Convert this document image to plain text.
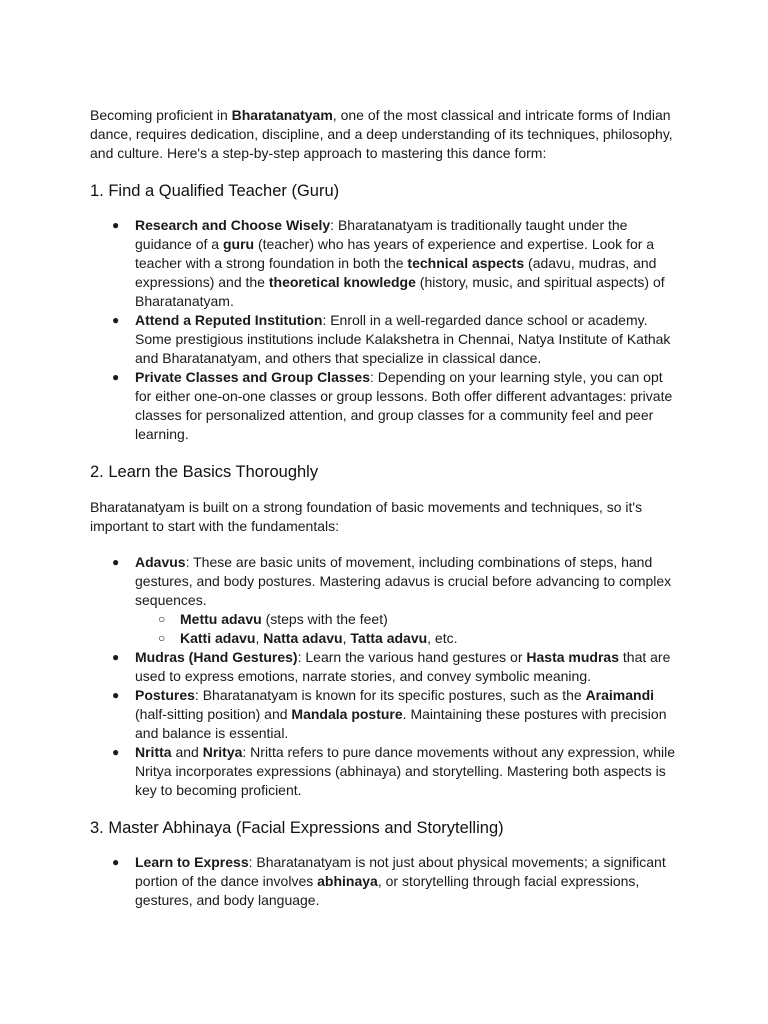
Becoming proficient in Bharatanatyam, one of the most classical and intricate forms of Indian dance, requires dedication, discipline, and a deep understanding of its techniques, philosophy, and culture. Here's a step-by-step approach to mastering this dance form:

1. Find a Qualified Teacher (Guru)
● Research and Choose Wisely: Bharatanatyam is traditionally taught under the guidance of a guru (teacher) who has years of experience and expertise. Look for a teacher with a strong foundation in both the technical aspects (adavu, mudras, and expressions) and the theoretical knowledge (history, music, and spiritual aspects) of Bharatanatyam.
● Attend a Reputed Institution: Enroll in a well-regarded dance school or academy. Some prestigious institutions include Kalakshetra in Chennai, Natya Institute of Kathak and Bharatanatyam, and others that specialize in classical dance.
● Private Classes and Group Classes: Depending on your learning style, you can opt for either one-on-one classes or group lessons. Both offer different advantages: private classes for personalized attention, and group classes for a community feel and peer learning.
2. Learn the Basics Thoroughly

Bharatanatyam is built on a strong foundation of basic movements and techniques, so it's important to start with the fundamentals:

● Adavus: These are basic units of movement, including combinations of steps, hand gestures, and body postures. Mastering adavus is crucial before advancing to complex sequences.
○ Mettu adavu (steps with the feet)
○ Katti adavu, Natta adavu, Tatta adavu, etc.
● Mudras (Hand Gestures): Learn the various hand gestures or Hasta mudras that are used to express emotions, narrate stories, and convey symbolic meaning.
● Postures: Bharatanatyam is known for its specific postures, such as the Araimandi (half-sitting position) and Mandala posture. Maintaining these postures with precision and balance is essential.
● Nritta and Nritya: Nritta refers to pure dance movements without any expression, while Nritya incorporates expressions (abhinaya) and storytelling. Mastering both aspects is key to becoming proficient.
3. Master Abhinaya (Facial Expressions and Storytelling)
● Learn to Express: Bharatanatyam is not just about physical movements; a significant portion of the dance involves abhinaya, or storytelling through facial expressions, gestures, and body language.
